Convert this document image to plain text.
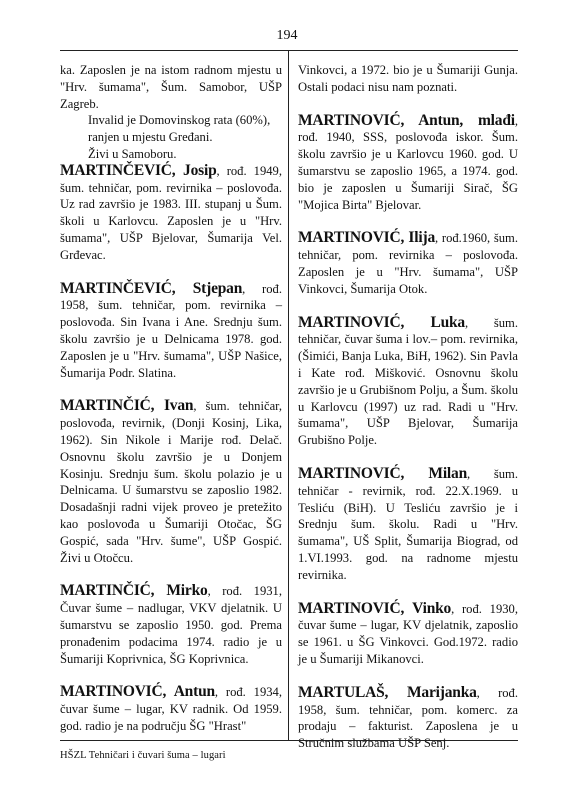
194
ka. Zaposlen je na istom radnom mjestu u "Hrv. šumama", Šum. Samobor, UŠP Zagreb.
Invalid je Domovinskog rata (60%), ranjen u mjestu Gređani.
Živi u Samoboru.
MARTINČEVIĆ, Josip, rođ. 1949, šum. tehničar, pom. revirnika – poslovođa. Uz rad završio je 1983. III. stupanj u Šum. školi u Karlovcu. Zaposlen je u "Hrv. šumama", UŠP Bjelovar, Šumarija Vel. Grđevac.
MARTINČEVIĆ, Stjepan, rođ. 1958, šum. tehničar, pom. revirnika – poslovođa. Sin Ivana i Ane. Srednju šum. školu završio je u Delnicama 1978. god. Zaposlen je u "Hrv. šumama", UŠP Našice, Šumarija Podr. Slatina.
MARTINČIĆ, Ivan, šum. tehničar, poslovođa, revirnik, (Donji Kosinj, Lika, 1962). Sin Nikole i Marije rođ. Delač. Osnovnu školu završio je u Donjem Kosinju. Srednju šum. školu polazio je u Delnicama. U šumarstvu se zaposlio 1982. Dosadašnji radni vijek proveo je pretežito kao poslovođa u Šumariji Otočac, ŠG Gospić, sada "Hrv. šume", UŠP Gospić. Živi u Otočcu.
MARTINČIĆ, Mirko, rođ. 1931, Čuvar šume – nadlugar, VKV djelatnik. U šumarstvu se zaposlio 1950. god. Prema pronađenim podacima 1974. radio je u Šumariji Koprivnica, ŠG Koprivnica.
MARTINOVIĆ, Antun, rođ. 1934, čuvar šume – lugar, KV radnik. Od 1959. god. radio je na području ŠG "Hrast"
Vinkovci, a 1972. bio je u Šumariji Gunja. Ostali podaci nisu nam poznati.
MARTINOVIĆ, Antun, mlađi, rođ. 1940, SSS, poslovođa iskor. Šum. školu završio je u Karlovcu 1960. god. U šumarstvu se zaposlio 1965, a 1974. god. bio je zaposlen u Šumariji Sirač, ŠG "Mojica Birta" Bjelovar.
MARTINOVIĆ, Ilija, rođ.1960, šum. tehničar, pom. revirnika – poslovođa. Zaposlen je u "Hrv. šumama", UŠP Vinkovci, Šumarija Otok.
MARTINOVIĆ, Luka, šum. tehničar, čuvar šuma i lov.– pom. revirnika, (Šimići, Banja Luka, BiH, 1962). Sin Pavla i Kate rođ. Mišković. Osnovnu školu završio je u Grubišnom Polju, a Šum. školu u Karlovcu (1997) uz rad. Radi u "Hrv. šumama", UŠP Bjelovar, Šumarija Grubišno Polje.
MARTINOVIĆ, Milan, šum. tehničar - revirnik, rođ. 22.X.1969. u Tesliću (BiH). U Tesliću završio je i Srednju šum. školu. Radi u "Hrv. šumama", UŠ Split, Šumarija Biograd, od 1.VI.1993. god. na radnome mjestu revirnika.
MARTINOVIĆ, Vinko, rođ. 1930, čuvar šume – lugar, KV djelatnik, zaposlio se 1961. u ŠG Vinkovci. God.1972. radio je u Šumariji Mikanovci.
MARTULAŠ, Marijanka, rođ. 1958, šum. tehničar, pom. komerc. za prodaju – fakturist. Zaposlena je u Stručnim službama UŠP Senj.
HŠZL Tehničari i čuvari šuma – lugari
